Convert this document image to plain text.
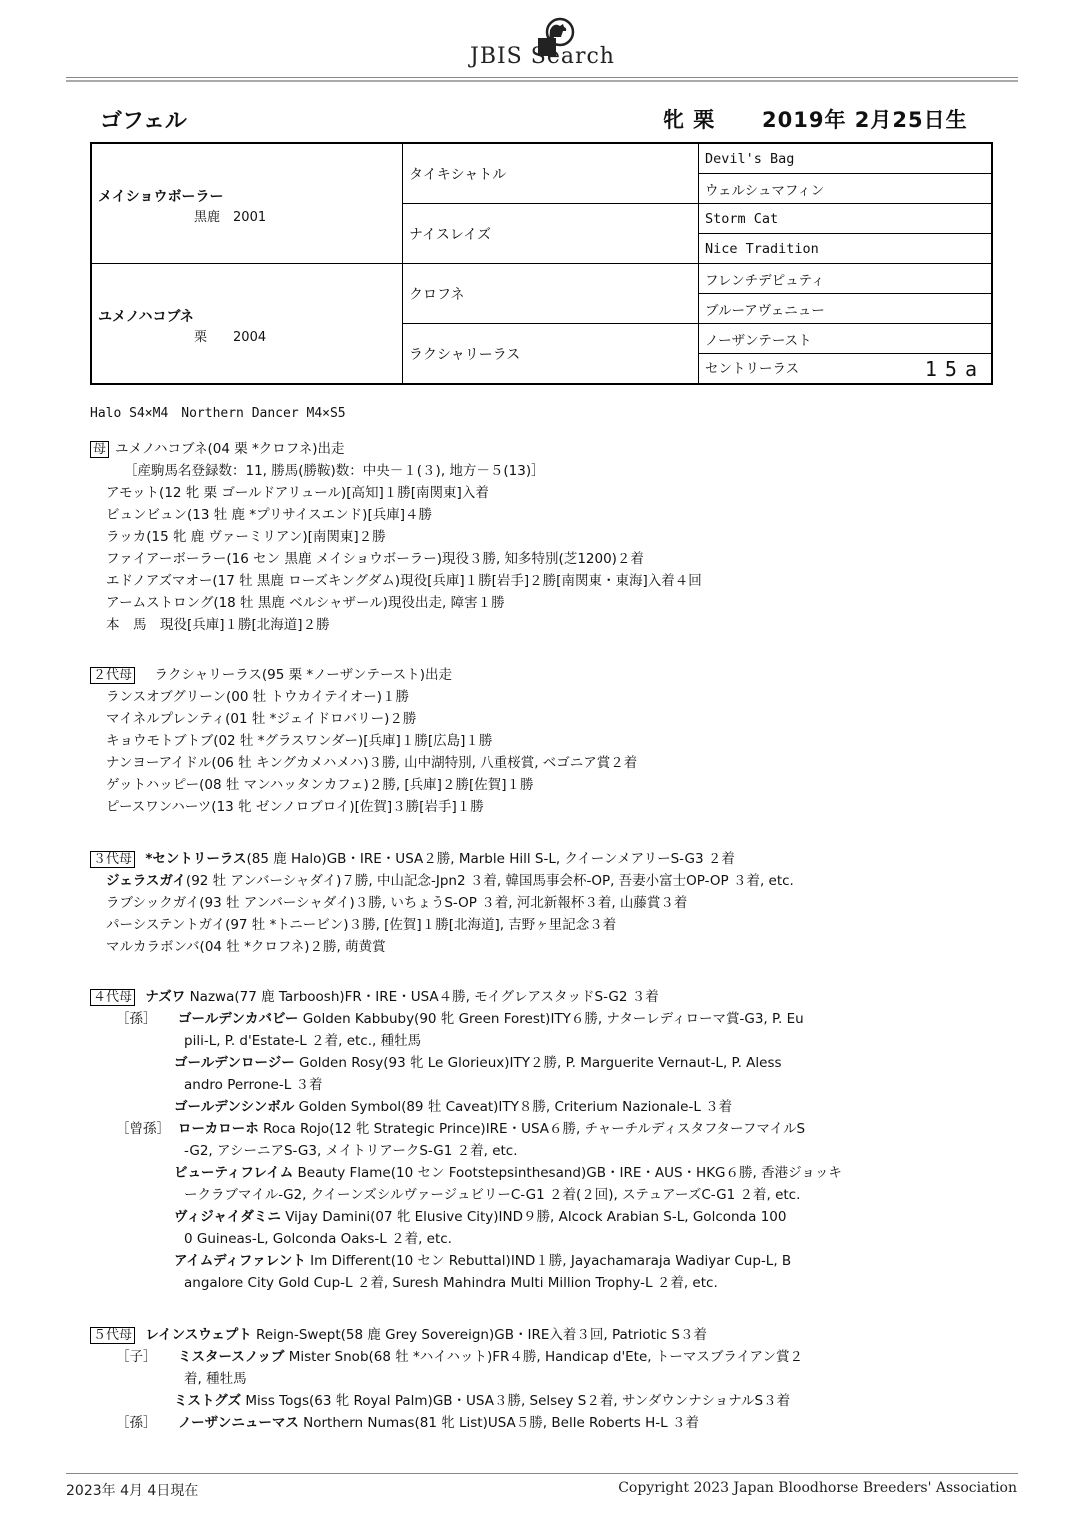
JBIS Search
ゴフェル	牝 栗 2019年 2月25日生
メイショウボーラー
黒鹿　 2001	タイキシャトル	Devil's Bag
		ウェルシュマフィン
	ナイスレイズ	Storm Cat
		Nice Tradition

ユメノハコブネ
栗　　 2004	クロフネ	フレンチデピュティ
		ブルーアヴェニュー
	ラクシャリーラス	ノーザンテースト
		セントリーラス 15a
Halo S4×M4　Northern Dancer M4×S5
母 ユメノハコブネ(04 栗 *クロフネ)出走
［産駒馬名登録数：11, 勝馬(勝鞍)数：中央－１(３), 地方－５(13)］
アモット(12 牝 栗 ゴールドアリュール)[高知]１勝[南関東]入着
ビュンビュン(13 牡 鹿 *プリサイスエンド)[兵庫]４勝
ラッカ(15 牝 鹿 ヴァーミリアン)[南関東]２勝
ファイアーボーラー(16 セン 黒鹿 メイショウボーラー)現役３勝, 知多特別(芝1200)２着
エドノアズマオー(17 牡 黒鹿 ローズキングダム)現役[兵庫]１勝[岩手]２勝[南関東・東海]入着４回
アームストロング(18 牡 黒鹿 ベルシャザール)現役出走, 障害１勝
本　馬　現役[兵庫]１勝[北海道]２勝
２代母　 ラクシャリーラス(95 栗 *ノーザンテースト)出走
ランスオブグリーン(00 牡 トウカイテイオー)１勝
マイネルプレンティ(01 牡 *ジェイドロバリー)２勝
キョウモトブトブ(02 牡 *グラスワンダー)[兵庫]１勝[広島]１勝
ナンヨーアイドル(06 牡 キングカメハメハ)３勝, 山中湖特別, 八重桜賞, ベゴニア賞２着
ゲットハッピー(08 牡 マンハッタンカフェ)２勝, [兵庫]２勝[佐賀]１勝
ピースワンハーツ(13 牝 ゼンノロブロイ)[佐賀]３勝[岩手]１勝
３代母 *セントリーラス(85 鹿 Halo)GB・IRE・USA２勝, Marble Hill S-L, クイーンメアリーS-G3 ２着
ジェラスガイ(92 牡 アンバーシャダイ)７勝, 中山記念-Jpn2 ３着, 韓国馬事会杯-OP, 吾妻小富士OP-OP ３着, etc.
ラブシックガイ(93 牡 アンバーシャダイ)３勝, いちょうS-OP ３着, 河北新報杯３着, 山藤賞３着
パーシステントガイ(97 牡 *トニービン)３勝, [佐賀]１勝[北海道], 吉野ヶ里記念３着
マルカラボンバ(04 牡 *クロフネ)２勝, 萌黄賞
４代母 ナズワ Nazwa(77 鹿 Tarboosh)FR・IRE・USA４勝, モイグレアスタッドS-G2 ３着
［孫］ ゴールデンカバビー Golden Kabbuby(90 牝 Green Forest)ITY６勝, ナターレディローマ賞-G3, P. Eu
pili-L, P. d'Estate-L ２着, etc., 種牡馬
ゴールデンロージー Golden Rosy(93 牝 Le Glorieux)ITY２勝, P. Marguerite Vernaut-L, P. Aless
andro Perrone-L ３着
ゴールデンシンボル Golden Symbol(89 牡 Caveat)ITY８勝, Criterium Nazionale-L ３着
［曾孫］ ローカローホ Roca Rojo(12 牝 Strategic Prince)IRE・USA６勝, チャーチルディスタフターフマイルS
-G2, アシーニアS-G3, メイトリアークS-G1 ２着, etc.
ビューティフレイム Beauty Flame(10 セン Footstepsinthesand)GB・IRE・AUS・HKG６勝, 香港ジョッキ
ークラブマイル-G2, クイーンズシルヴァージュビリーC-G1 ２着(２回), ステュアーズC-G1 ２着, etc.
ヴィジャイダミニ Vijay Damini(07 牝 Elusive City)IND９勝, Alcock Arabian S-L, Golconda 100
0 Guineas-L, Golconda Oaks-L ２着, etc.
アイムディファレント Im Different(10 セン Rebuttal)IND１勝, Jayachamaraja Wadiyar Cup-L, B
angalore City Gold Cup-L ２着, Suresh Mahindra Multi Million Trophy-L ２着, etc.
５代母 レインスウェプト Reign-Swept(58 鹿 Grey Sovereign)GB・IRE入着３回, Patriotic S３着
［子］ ミスタースノッブ Mister Snob(68 牡 *ハイハット)FR４勝, Handicap d'Ete, トーマスブライアン賞２
着, 種牡馬
ミストグズ Miss Togs(63 牝 Royal Palm)GB・USA３勝, Selsey S２着, サンダウンナショナルS３着
［孫］ ノーザンニューマス Northern Numas(81 牝 List)USA５勝, Belle Roberts H-L ３着
2023年 4月 4日現在	Copyright 2023 Japan Bloodhorse Breeders' Association
